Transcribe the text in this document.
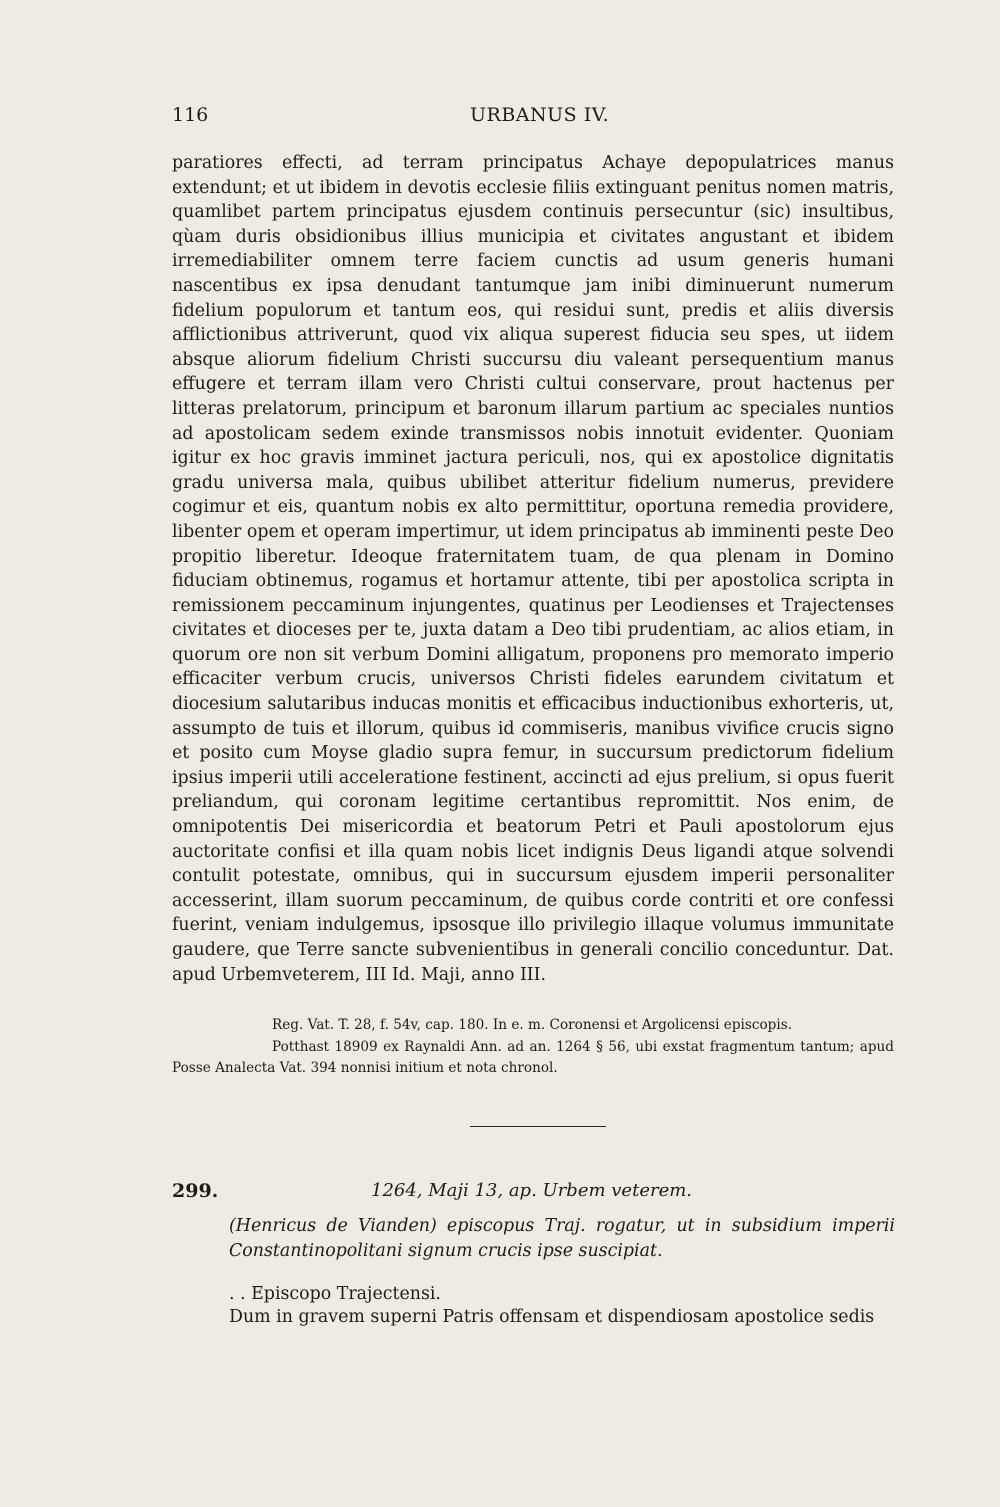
116	URBANUS IV.

paratiores effecti, ad terram principatus Achaye depopulatrices manus extendunt; et ut ibidem in devotis ecclesie filiis extinguant penitus nomen matris, quamlibet partem principatus ejusdem continuis persecuntur (sic) insultibus, qùam duris obsidionibus illius municipia et civitates angustant et ibidem irremediabiliter omnem terre faciem cunctis ad usum generis humani nascentibus ex ipsa denudant tantumque jam inibi diminuerunt numerum fidelium populorum et tantum eos, qui residui sunt, predis et aliis diversis afflictionibus attriverunt, quod vix aliqua superest fiducia seu spes, ut iidem absque aliorum fidelium Christi succursu diu valeant persequentium manus effugere et terram illam vero Christi cultui conservare, prout hactenus per litteras prelatorum, principum et baronum illarum partium ac speciales nuntios ad apostolicam sedem exinde transmissos nobis innotuit evidenter. Quoniam igitur ex hoc gravis imminet jactura periculi, nos, qui ex apostolice dignitatis gradu universa mala, quibus ubilibet atteritur fidelium numerus, previdere cogimur et eis, quantum nobis ex alto permittitur, oportuna remedia providere, libenter opem et operam impertimur, ut idem principatus ab imminenti peste Deo propitio liberetur. Ideoque fraternitatem tuam, de qua plenam in Domino fiduciam obtinemus, rogamus et hortamur attente, tibi per apostolica scripta in remissionem peccaminum injungentes, quatinus per Leodienses et Trajectenses civitates et dioceses per te, juxta datam a Deo tibi prudentiam, ac alios etiam, in quorum ore non sit verbum Domini alligatum, proponens pro memorato imperio efficaciter verbum crucis, universos Christi fideles earundem civitatum et diocesium salutaribus inducas monitis et efficacibus inductionibus exhorteris, ut, assumpto de tuis et illorum, quibus id commiseris, manibus vivifice crucis signo et posito cum Moyse gladio supra femur, in succursum predictorum fidelium ipsius imperii utili acceleratione festinent, accincti ad ejus prelium, si opus fuerit preliandum, qui coronam legitime certantibus repromittit. Nos enim, de omnipotentis Dei misericordia et beatorum Petri et Pauli apostolorum ejus auctoritate confisi et illa quam nobis licet indignis Deus ligandi atque solvendi contulit potestate, omnibus, qui in succursum ejusdem imperii personaliter accesserint, illam suorum peccaminum, de quibus corde contriti et ore confessi fuerint, veniam indulgemus, ipsosque illo privilegio illaque volumus immunitate gaudere, que Terre sancte subvenientibus in generali concilio conceduntur. Dat. apud Urbemveterem, III Id. Maji, anno III.

Reg. Vat. T. 28, f. 54v, cap. 180. In e. m. Coronensi et Argolicensi episcopis.

Potthast 18909 ex Raynaldi Ann. ad an. 1264 § 56, ubi exstat fragmentum tantum; apud Posse Analecta Vat. 394 nonnisi initium et nota chronol.

299.	1264, Maji 13, ap. Urbem veterem.
(Henricus de Vianden) episcopus Traj. rogatur, ut in subsidium imperii Constantinopolitani signum crucis ipse suscipiat.
. . Episcopo Trajectensi.
Dum in gravem superni Patris offensam et dispendiosam apostolice sedis
